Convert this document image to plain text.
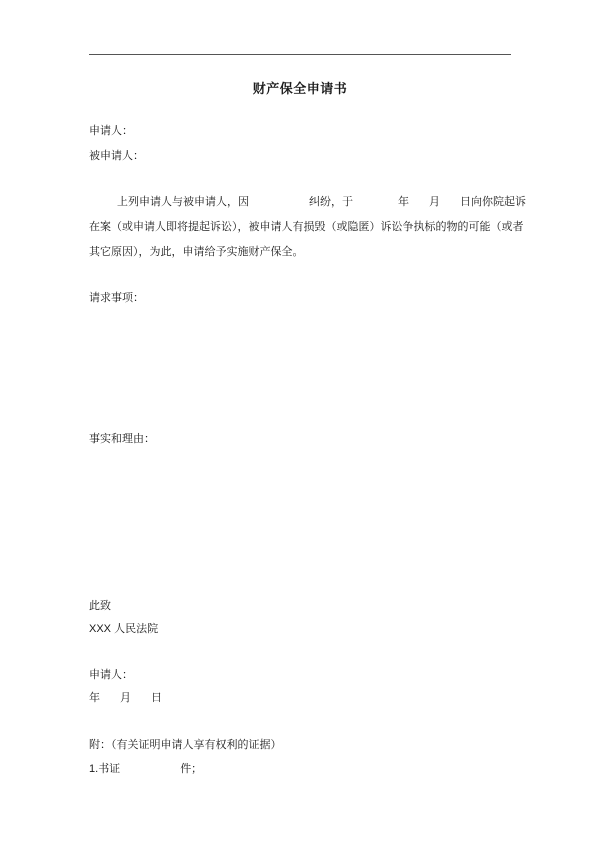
财产保全申请书
申请人：
被申请人：
上列申请人与被申请人，因	纠纷，于	年 月 日向你院起诉
在案（或申请人即将提起诉讼），被申请人有损毁（或隐匿）诉讼争执标的物的可能（或者
其它原因），为此，申请给予实施财产保全。
请求事项：
事实和理由：
此致
XXX 人民法院
申请人：
年 月 日
附：（有关证明申请人享有权利的证据）
1.书证	件；
